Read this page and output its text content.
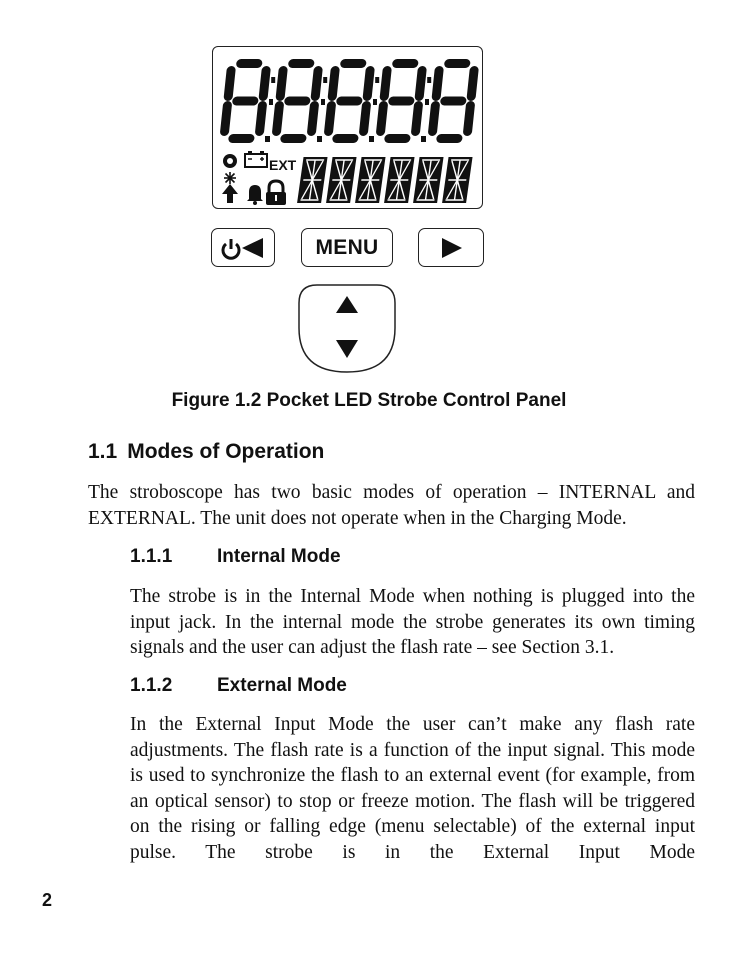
EXT
MENU
Figure 1.2 Pocket LED Strobe Control Panel
1.1 Modes of Operation
The stroboscope has two basic modes of operation – INTERNAL and EXTERNAL. The unit does not operate when in the Charging Mode.
1.1.1 Internal Mode
The strobe is in the Internal Mode when nothing is plugged into the input jack. In the internal mode the strobe generates its own timing signals and the user can adjust the flash rate – see Section 3.1.
1.1.2 External Mode
In the External Input Mode the user can’t make any flash rate adjustments. The flash rate is a function of the input signal. This mode is used to synchronize the flash to an external event (for example, from an optical sensor) to stop or freeze motion. The flash will be triggered on the rising or falling edge (menu selectable) of the external input pulse. The strobe is in the External Input Mode
2
